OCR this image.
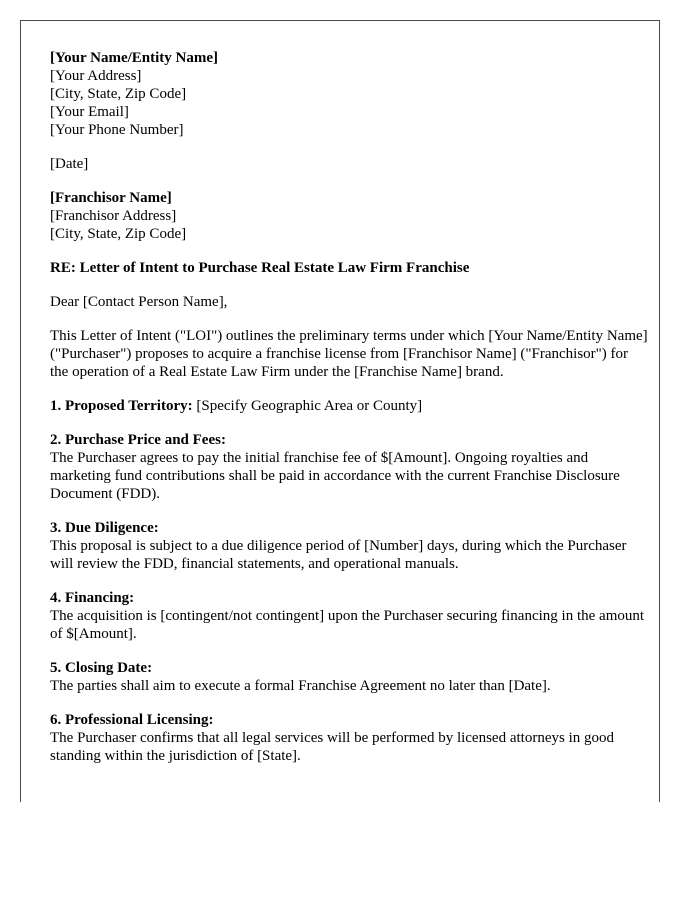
[Your Name/Entity Name]
[Your Address]
[City, State, Zip Code]
[Your Email]
[Your Phone Number]
[Date]
[Franchisor Name]
[Franchisor Address]
[City, State, Zip Code]
RE: Letter of Intent to Purchase Real Estate Law Firm Franchise
Dear [Contact Person Name],

This Letter of Intent ("LOI") outlines the preliminary terms under which [Your Name/Entity Name] ("Purchaser") proposes to acquire a franchise license from [Franchisor Name] ("Franchisor") for the operation of a Real Estate Law Firm under the [Franchise Name] brand.

1. Proposed Territory: [Specify Geographic Area or County]

2. Purchase Price and Fees:

The Purchaser agrees to pay the initial franchise fee of $[Amount]. Ongoing royalties and marketing fund contributions shall be paid in accordance with the current Franchise Disclosure Document (FDD).

3. Due Diligence:

This proposal is subject to a due diligence period of [Number] days, during which the Purchaser will review the FDD, financial statements, and operational manuals.

4. Financing:

The acquisition is [contingent/not contingent] upon the Purchaser securing financing in the amount of $[Amount].

5. Closing Date:

The parties shall aim to execute a formal Franchise Agreement no later than [Date].

6. Professional Licensing:

The Purchaser confirms that all legal services will be performed by licensed attorneys in good standing within the jurisdiction of [State].
